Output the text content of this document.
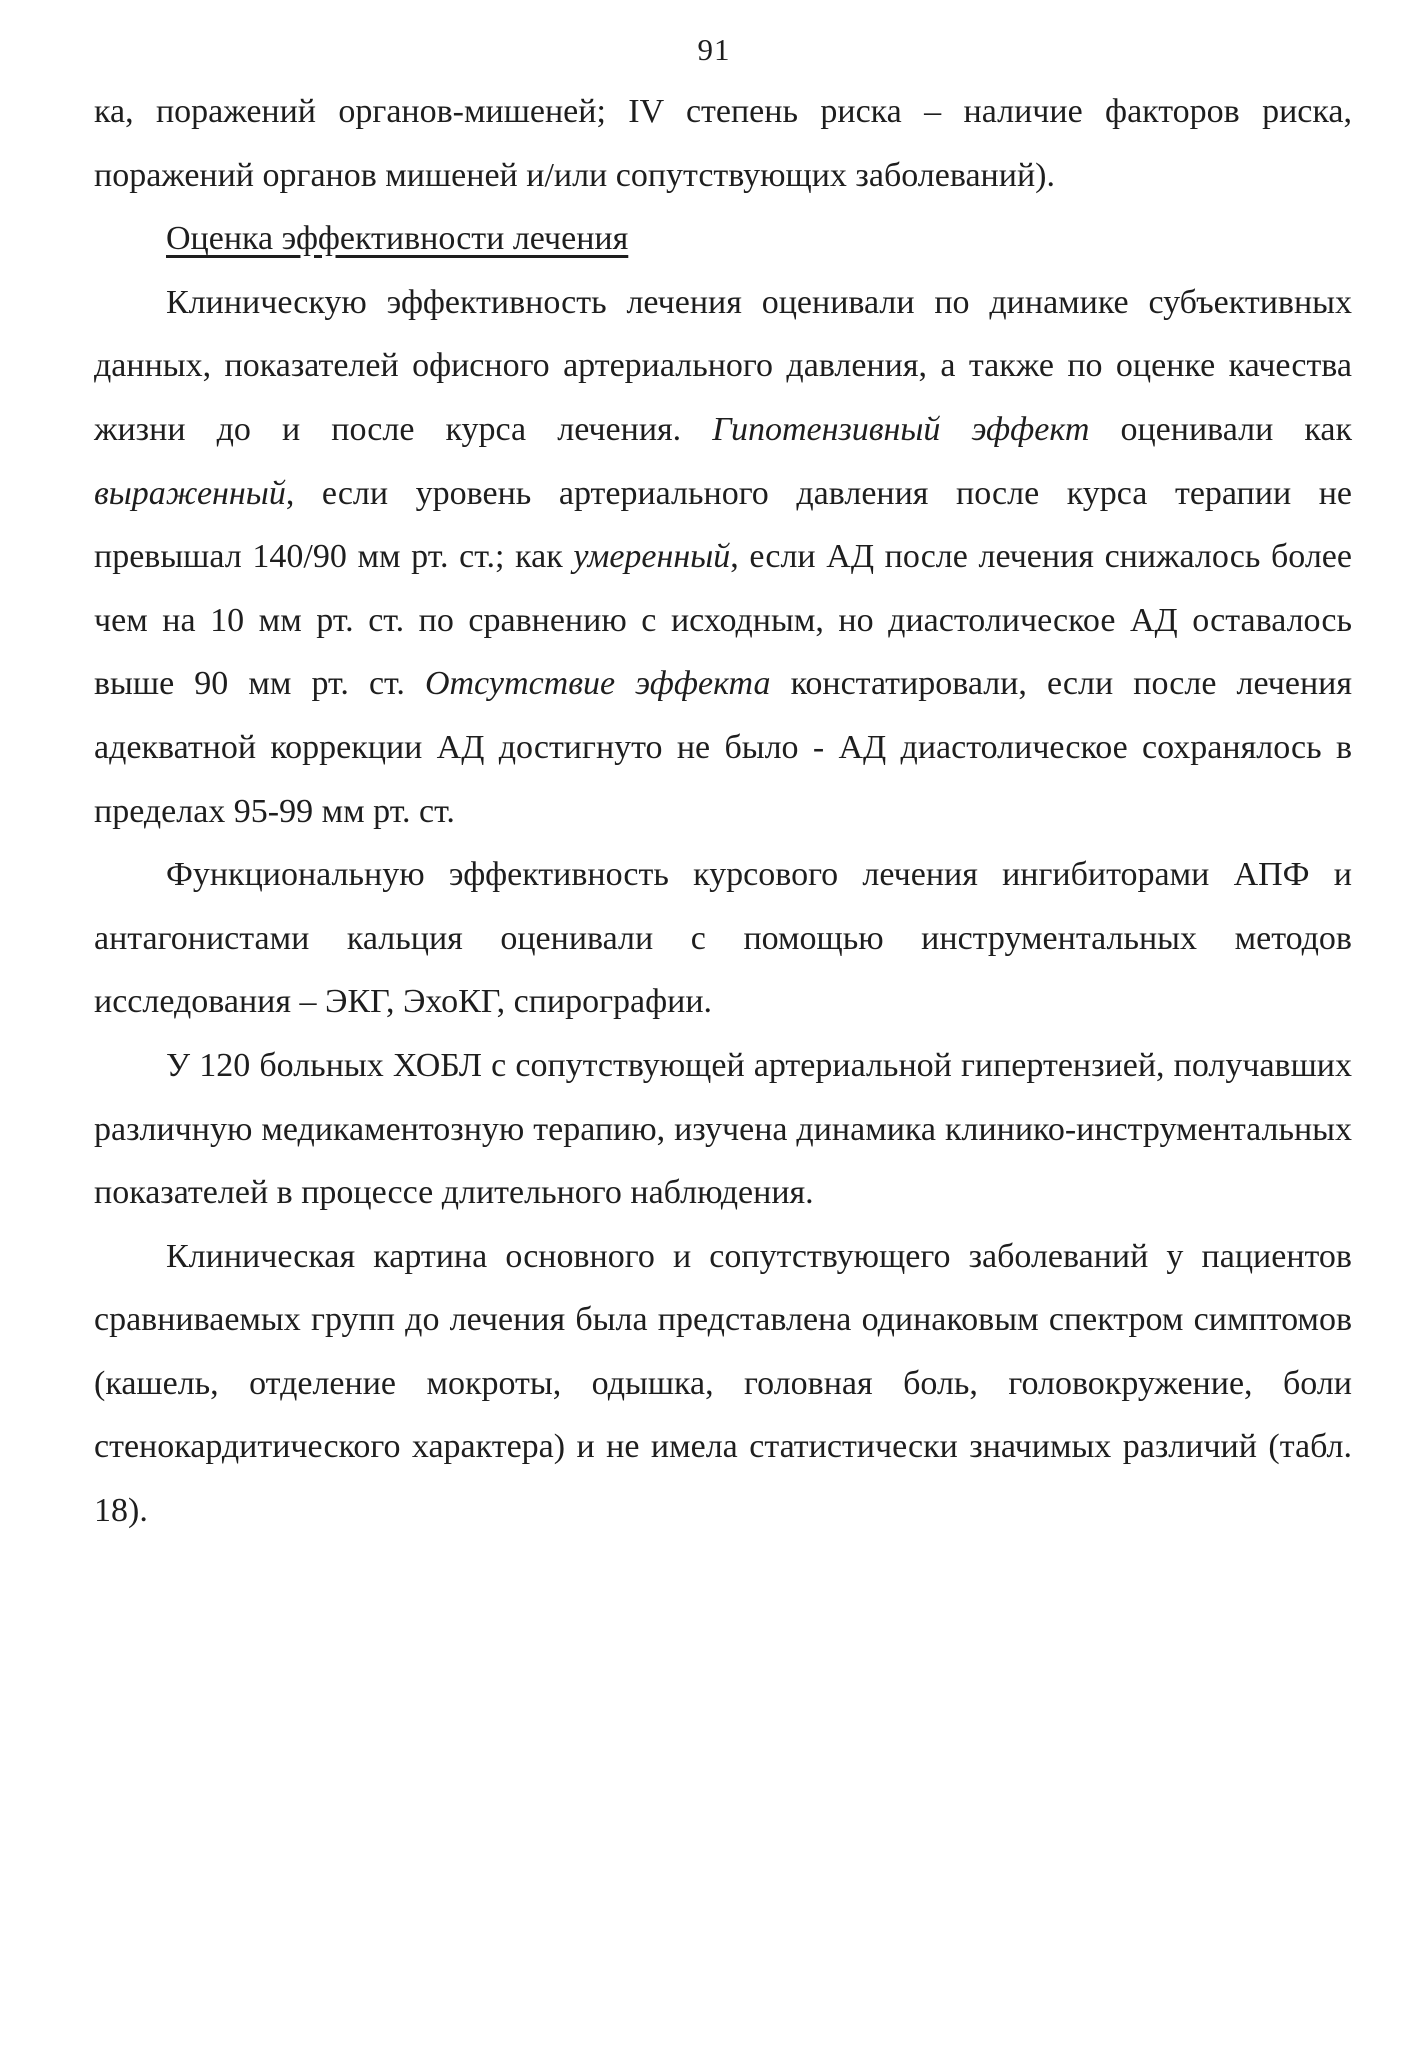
91

ка, поражений органов-мишеней; IV степень риска – наличие факторов риска, поражений органов мишеней и/или сопутствующих заболеваний).

Оценка эффективности лечения

Клиническую эффективность лечения оценивали по динамике субъективных данных, показателей офисного артериального давления, а также по оценке качества жизни до и после курса лечения. Гипотензивный эффект оценивали как выраженный, если уровень артериального давления после курса терапии не превышал 140/90 мм рт. ст.; как умеренный, если АД после лечения снижалось более чем на 10 мм рт. ст. по сравнению с исходным, но диастолическое АД оставалось выше 90 мм рт. ст. Отсутствие эффекта констатировали, если после лечения адекватной коррекции АД достигнуто не было - АД диастолическое сохранялось в пределах 95-99 мм рт. ст.

Функциональную эффективность курсового лечения ингибиторами АПФ и антагонистами кальция оценивали с помощью инструментальных методов исследования – ЭКГ, ЭхоКГ, спирографии.

У 120 больных ХОБЛ с сопутствующей артериальной гипертензией, получавших различную медикаментозную терапию, изучена динамика клинико-инструментальных показателей в процессе длительного наблюдения.

Клиническая картина основного и сопутствующего заболеваний у пациентов сравниваемых групп до лечения была представлена одинаковым спектром симптомов (кашель, отделение мокроты, одышка, головная боль, головокружение, боли стенокардитического характера) и не имела статистически значимых различий (табл. 18).
